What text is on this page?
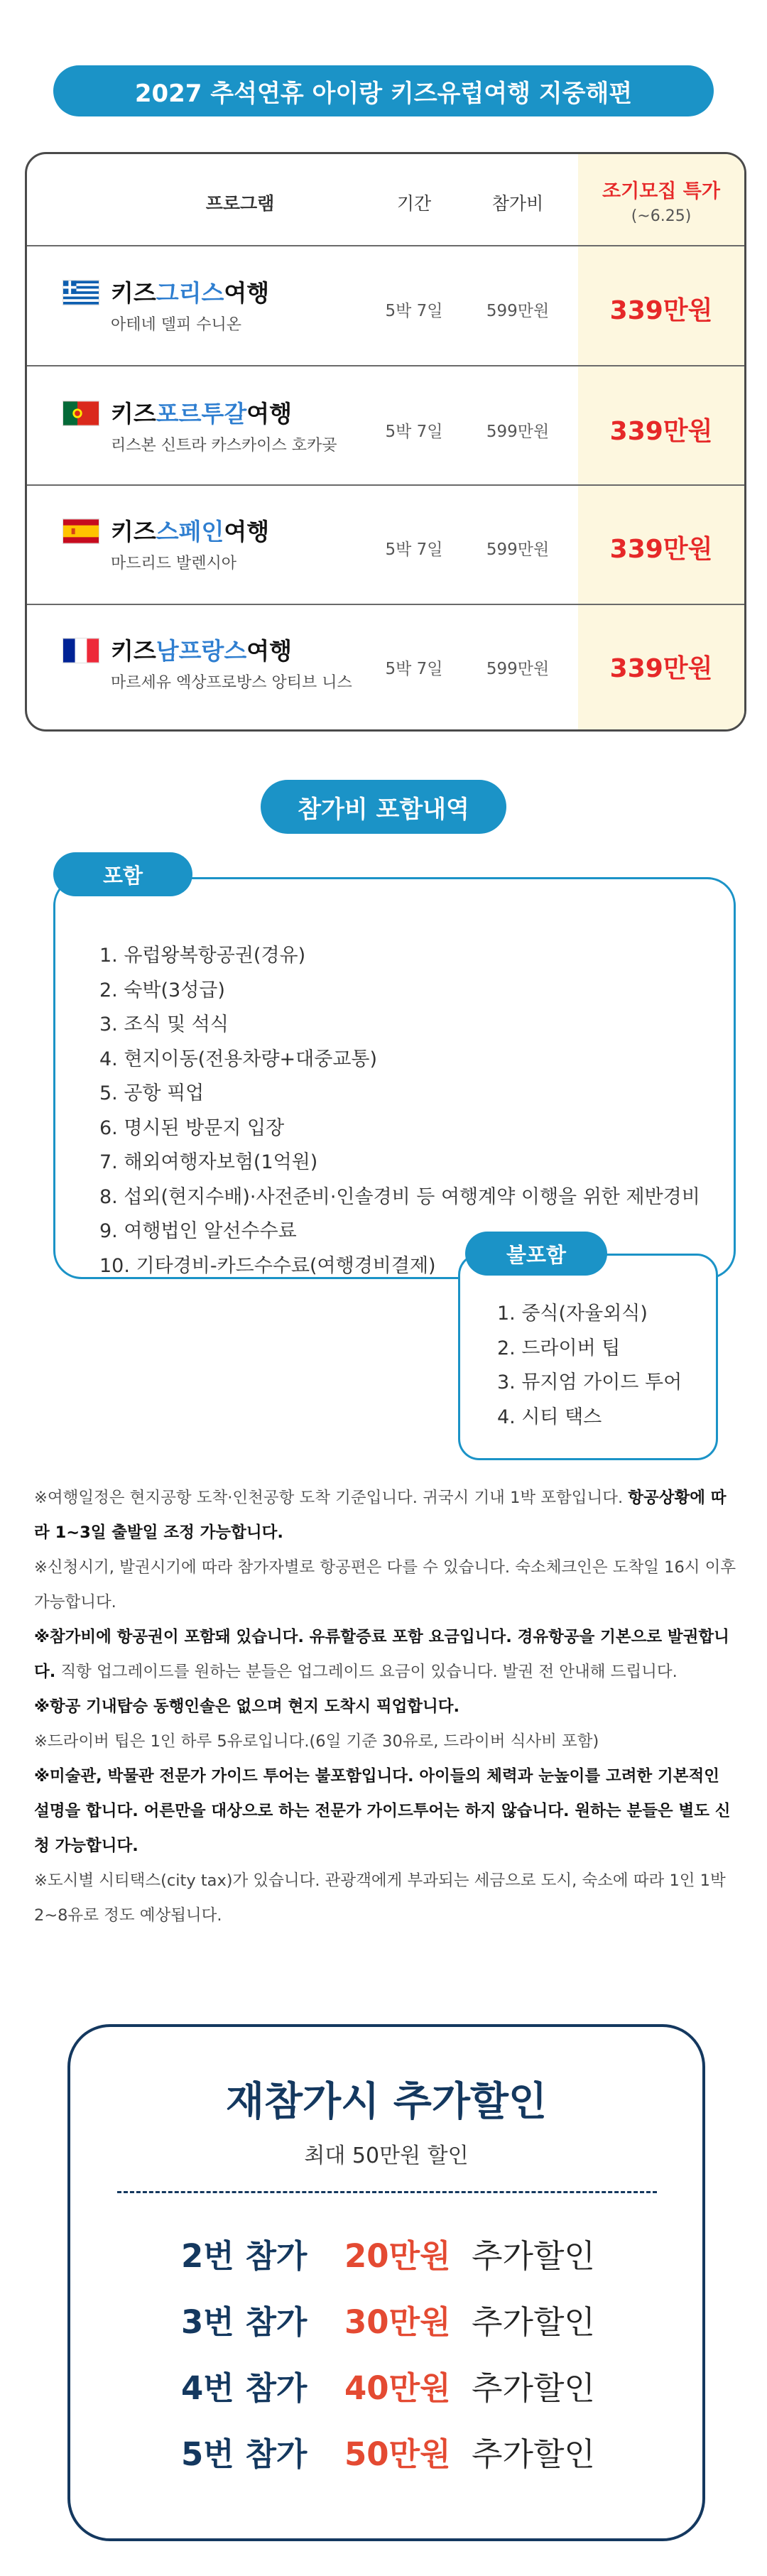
2027 추석연휴 아이랑 키즈유럽여행 지중해편
프로그램	기간	참가비
조기모집 특가
(~6.25)
키즈그리스여행
아테네 델피 수니온
5박 7일	599만원	339만원
키즈포르투갈여행
리스본 신트라 카스카이스 호카곶
5박 7일	599만원	339만원
키즈스페인여행
마드리드 발렌시아
5박 7일	599만원	339만원
키즈남프랑스여행
마르세유 엑상프로방스 앙티브 니스
5박 7일	599만원	339만원
참가비 포함내역
포함
1. 유럽왕복항공권(경유)
2. 숙박(3성급)
3. 조식 및 석식
4. 현지이동(전용차량+대중교통)
5. 공항 픽업
6. 명시된 방문지 입장
7. 해외여행자보험(1억원)
8. 섭외(현지수배)·사전준비·인솔경비 등 여행계약 이행을 위한 제반경비
9. 여행법인 알선수수료
10. 기타경비-카드수수료(여행경비결제)	불포함
1. 중식(자율외식)
2. 드라이버 팁
3. 뮤지엄 가이드 투어
4. 시티 택스

※여행일정은 현지공항 도착·인천공항 도착 기준입니다. 귀국시 기내 1박 포함입니다. 항공상황에 따라 1~3일 출발일 조정 가능합니다.

※신청시기, 발권시기에 따라 참가자별로 항공편은 다를 수 있습니다. 숙소체크인은 도착일 16시 이후 가능합니다.

※참가비에 항공권이 포함돼 있습니다. 유류할증료 포함 요금입니다. 경유항공을 기본으로 발권합니다. 직항 업그레이드를 원하는 분들은 업그레이드 요금이 있습니다. 발권 전 안내해 드립니다.

※항공 기내탑승 동행인솔은 없으며 현지 도착시 픽업합니다.

※드라이버 팁은 1인 하루 5유로입니다.(6일 기준 30유로, 드라이버 식사비 포함)

※미술관, 박물관 전문가 가이드 투어는 불포함입니다. 아이들의 체력과 눈높이를 고려한 기본적인 설명을 합니다. 어른만을 대상으로 하는 전문가 가이드투어는 하지 않습니다. 원하는 분들은 별도 신청 가능합니다.

※도시별 시티택스(city tax)가 있습니다. 관광객에게 부과되는 세금으로 도시, 숙소에 따라 1인 1박 2~8유로 정도 예상됩니다.

재참가시 추가할인
최대 50만원 할인
2번 참가 20만원 추가할인
3번 참가 30만원 추가할인
4번 참가 40만원 추가할인
5번 참가 50만원 추가할인
